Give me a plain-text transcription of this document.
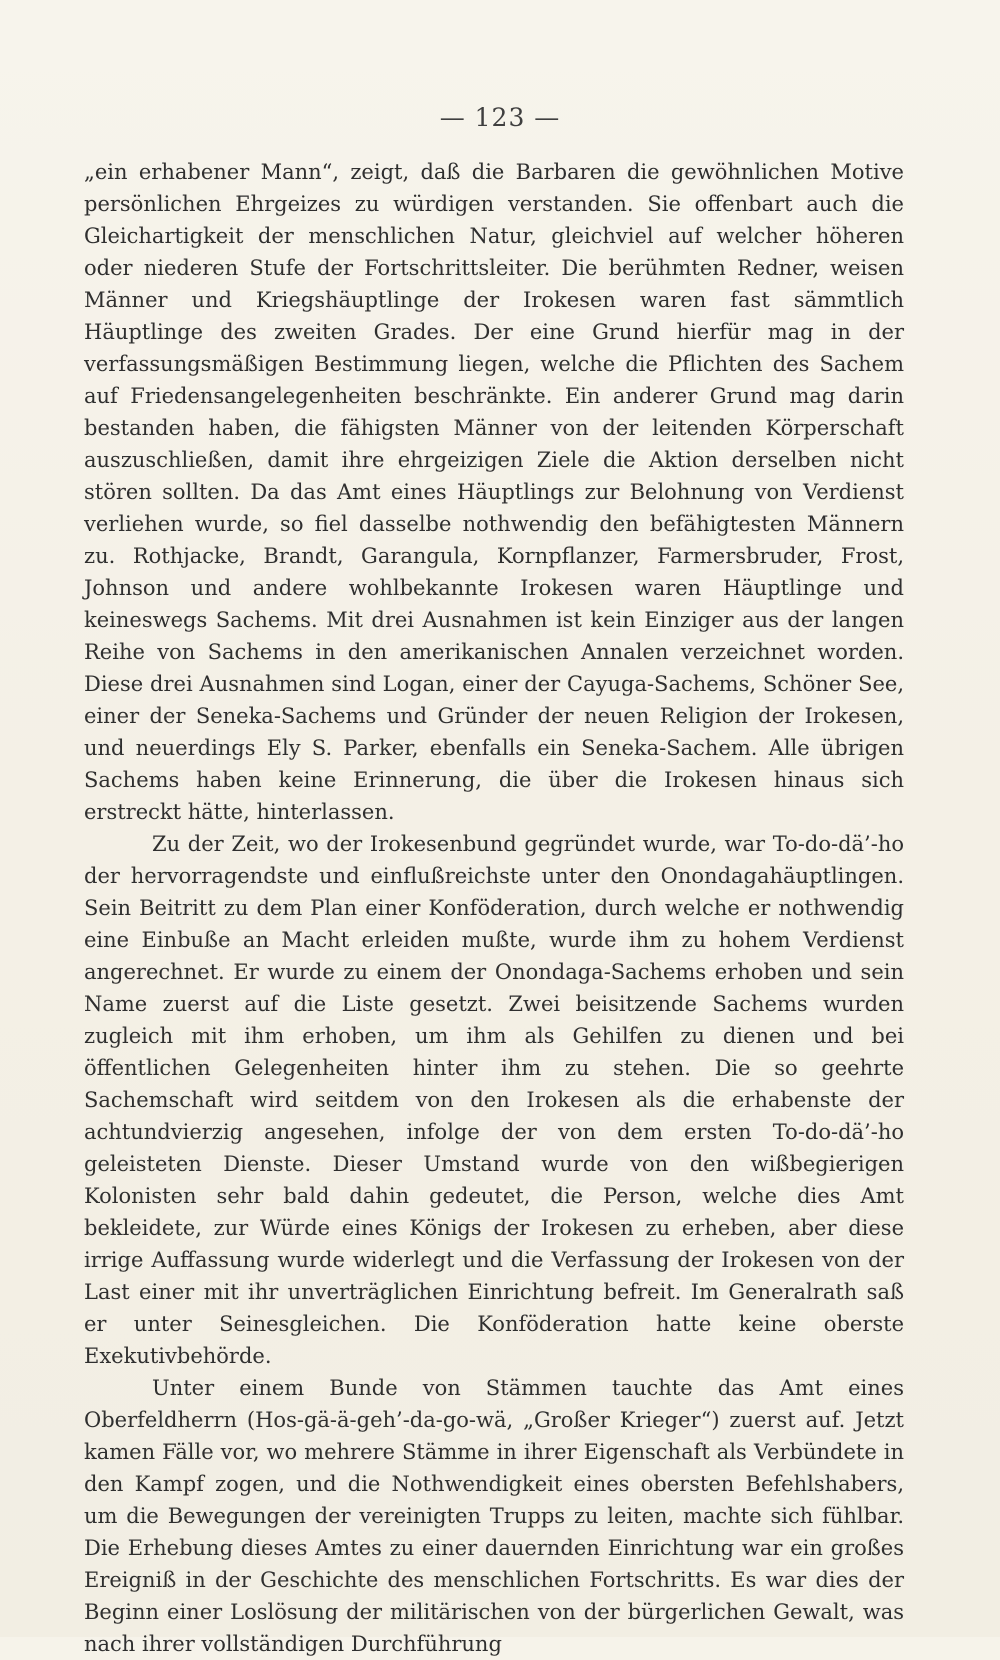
— 123 —

„ein erhabener Mann“, zeigt, daß die Barbaren die gewöhnlichen Motive persönlichen Ehrgeizes zu würdigen verstanden. Sie offenbart auch die Gleichartigkeit der menschlichen Natur, gleichviel auf welcher höheren oder niederen Stufe der Fortschrittsleiter. Die berühmten Redner, weisen Männer und Kriegshäuptlinge der Irokesen waren fast sämmtlich Häuptlinge des zweiten Grades. Der eine Grund hierfür mag in der verfassungsmäßigen Bestimmung liegen, welche die Pflichten des Sachem auf Friedensangelegenheiten beschränkte. Ein anderer Grund mag darin bestanden haben, die fähigsten Männer von der leitenden Körperschaft auszuschließen, damit ihre ehrgeizigen Ziele die Aktion derselben nicht stören sollten. Da das Amt eines Häuptlings zur Belohnung von Verdienst verliehen wurde, so fiel dasselbe nothwendig den befähigtesten Männern zu. Rothjacke, Brandt, Garangula, Kornpflanzer, Farmersbruder, Frost, Johnson und andere wohlbekannte Irokesen waren Häuptlinge und keineswegs Sachems. Mit drei Ausnahmen ist kein Einziger aus der langen Reihe von Sachems in den amerikanischen Annalen verzeichnet worden. Diese drei Ausnahmen sind Logan, einer der Cayuga-Sachems, Schöner See, einer der Seneka-Sachems und Gründer der neuen Religion der Irokesen, und neuerdings Ely S. Parker, ebenfalls ein Seneka-Sachem. Alle übrigen Sachems haben keine Erinnerung, die über die Irokesen hinaus sich erstreckt hätte, hinterlassen.

Zu der Zeit, wo der Irokesenbund gegründet wurde, war To-do-dä’-ho der hervorragendste und einflußreichste unter den Onondagahäuptlingen. Sein Beitritt zu dem Plan einer Konföderation, durch welche er nothwendig eine Einbuße an Macht erleiden mußte, wurde ihm zu hohem Verdienst angerechnet. Er wurde zu einem der Onondaga-Sachems erhoben und sein Name zuerst auf die Liste gesetzt. Zwei beisitzende Sachems wurden zugleich mit ihm erhoben, um ihm als Gehilfen zu dienen und bei öffentlichen Gelegenheiten hinter ihm zu stehen. Die so geehrte Sachemschaft wird seitdem von den Irokesen als die erhabenste der achtundvierzig angesehen, infolge der von dem ersten To-do-dä’-ho geleisteten Dienste. Dieser Umstand wurde von den wißbegierigen Kolonisten sehr bald dahin gedeutet, die Person, welche dies Amt bekleidete, zur Würde eines Königs der Irokesen zu erheben, aber diese irrige Auffassung wurde widerlegt und die Verfassung der Irokesen von der Last einer mit ihr unverträglichen Einrichtung befreit. Im Generalrath saß er unter Seinesgleichen. Die Konföderation hatte keine oberste Exekutivbehörde.

Unter einem Bunde von Stämmen tauchte das Amt eines Oberfeldherrn (Hos-gä-ä-geh’-da-go-wä, „Großer Krieger“) zuerst auf. Jetzt kamen Fälle vor, wo mehrere Stämme in ihrer Eigenschaft als Verbündete in den Kampf zogen, und die Nothwendigkeit eines obersten Befehlshabers, um die Bewegungen der vereinigten Trupps zu leiten, machte sich fühlbar. Die Erhebung dieses Amtes zu einer dauernden Einrichtung war ein großes Ereigniß in der Geschichte des menschlichen Fortschritts. Es war dies der Beginn einer Loslösung der militärischen von der bürgerlichen Gewalt, was nach ihrer vollständigen Durchführung
